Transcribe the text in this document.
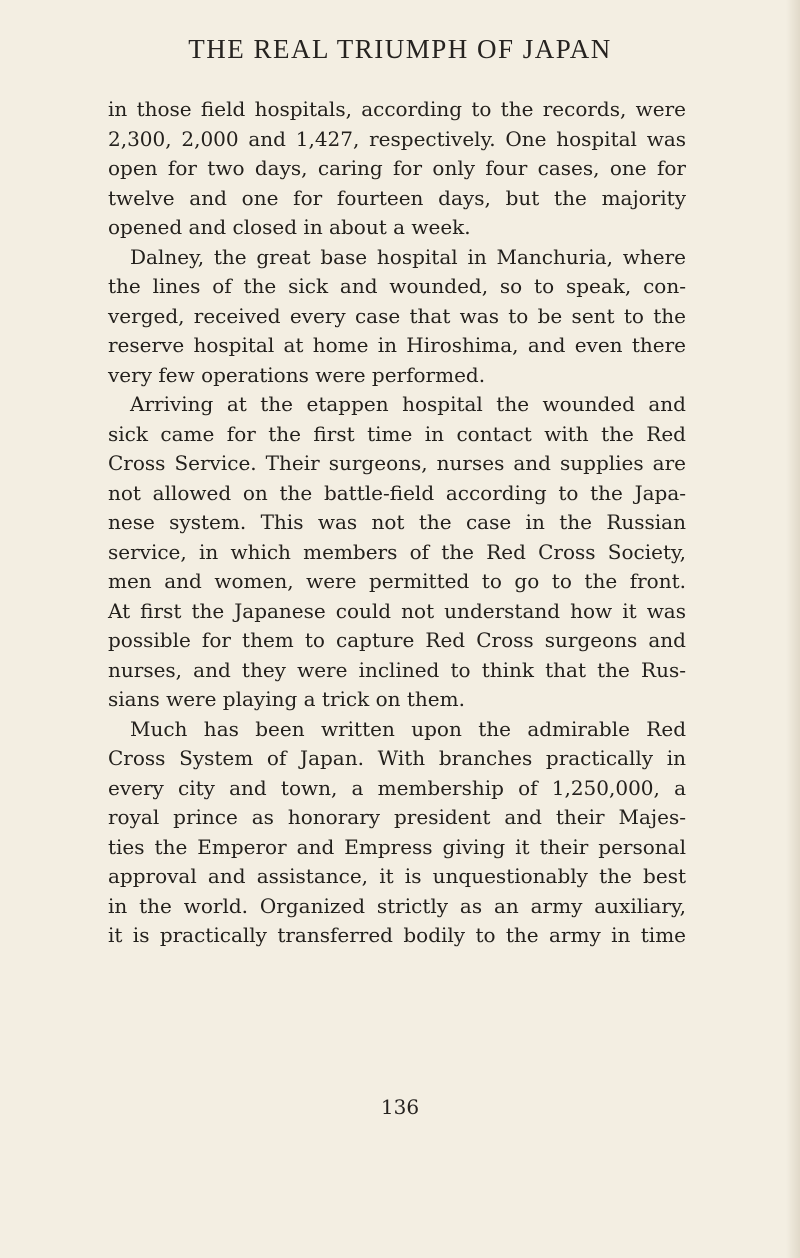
THE REAL TRIUMPH OF JAPAN
in those field hospitals, according to the records, were
2,300, 2,000 and 1,427, respectively. One hospital was
open for two days, caring for only four cases, one for
twelve and one for fourteen days, but the majority
opened and closed in about a week.
Dalney, the great base hospital in Manchuria, where
the lines of the sick and wounded, so to speak, con-
verged, received every case that was to be sent to the
reserve hospital at home in Hiroshima, and even there
very few operations were performed.
Arriving at the etappen hospital the wounded and
sick came for the first time in contact with the Red
Cross Service. Their surgeons, nurses and supplies are
not allowed on the battle-field according to the Japa-
nese system. This was not the case in the Russian
service, in which members of the Red Cross Society,
men and women, were permitted to go to the front.
At first the Japanese could not understand how it was
possible for them to capture Red Cross surgeons and
nurses, and they were inclined to think that the Rus-
sians were playing a trick on them.
Much has been written upon the admirable Red
Cross System of Japan. With branches practically in
every city and town, a membership of 1,250,000, a
royal prince as honorary president and their Majes-
ties the Emperor and Empress giving it their personal
approval and assistance, it is unquestionably the best
in the world. Organized strictly as an army auxiliary,
it is practically transferred bodily to the army in time
136
